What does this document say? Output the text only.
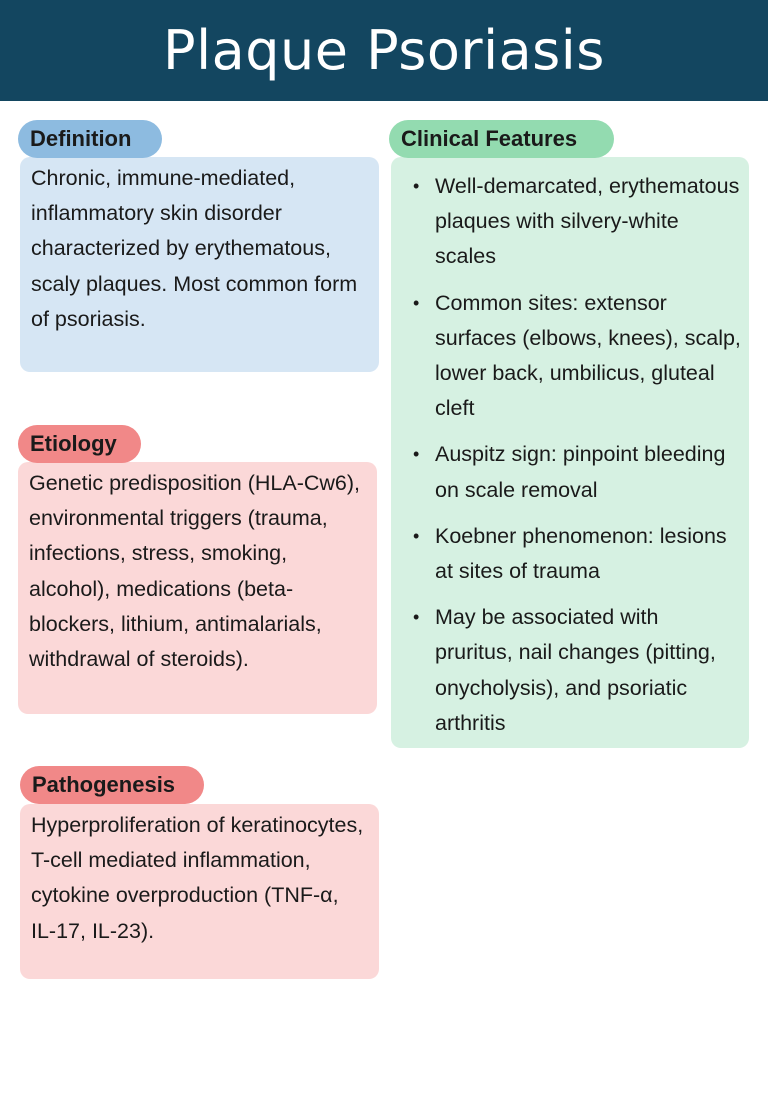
Plaque Psoriasis
Definition

Chronic, immune-mediated, inflammatory skin disorder characterized by erythematous, scaly plaques. Most common form of psoriasis.

Etiology

Genetic predisposition (HLA-Cw6), environmental triggers (trauma, infections, stress, smoking, alcohol), medications (beta-blockers, lithium, antimalarials, withdrawal of steroids).

Pathogenesis

Hyperproliferation of keratinocytes, T-cell mediated inflammation, cytokine overproduction (TNF-α, IL-17, IL-23).

Clinical Features
• Well-demarcated, erythematous plaques with silvery-white scales
• Common sites: extensor surfaces (elbows, knees), scalp, lower back, umbilicus, gluteal cleft
• Auspitz sign: pinpoint bleeding on scale removal
• Koebner phenomenon: lesions at sites of trauma
• May be associated with pruritus, nail changes (pitting, onycholysis), and psoriatic arthritis
